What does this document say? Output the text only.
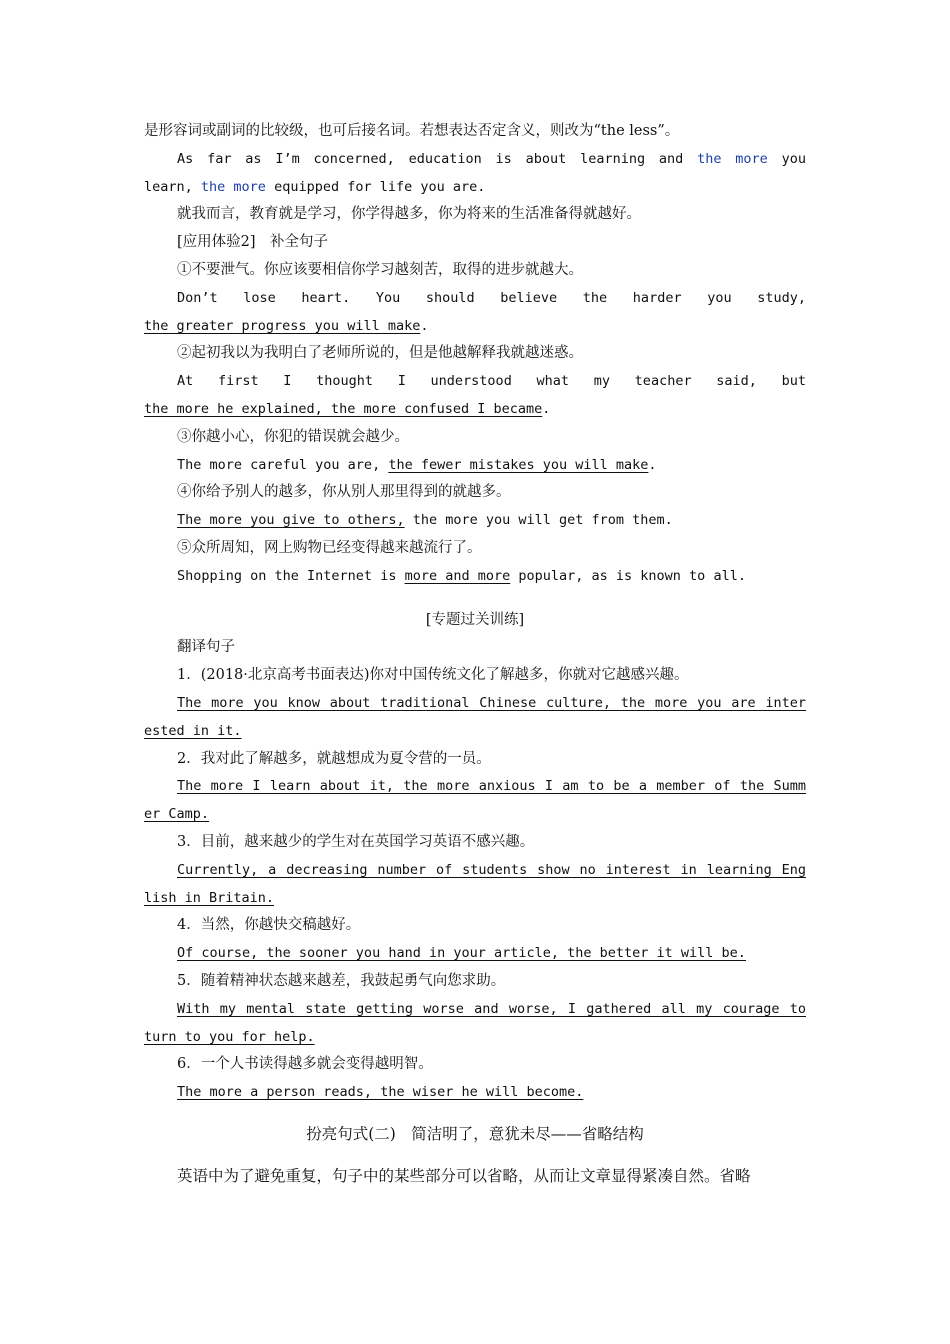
是形容词或副词的比较级，也可后接名词。若想表达否定含义，则改为“the less”。

As far as I’m concerned, education is about learning and the more you

learn, the more equipped for life you are.

就我而言，教育就是学习，你学得越多，你为将来的生活准备得就越好。

[应用体验2]　补全句子

①不要泄气。你应该要相信你学习越刻苦，取得的进步就越大。

Don’t lose heart. You should believe the harder you study,

the greater progress you will make.

②起初我以为我明白了老师所说的，但是他越解释我就越迷惑。

At first I thought I understood what my teacher said, but

the more he explained, the more confused I became.

③你越小心，你犯的错误就会越少。

The more careful you are, the fewer mistakes you will make.

④你给予别人的越多，你从别人那里得到的就越多。

The more you give to others, the more you will get from them.

⑤众所周知，网上购物已经变得越来越流行了。

Shopping on the Internet is more and more popular, as is known to all.

[专题过关训练]

翻译句子

1．(2018·北京高考书面表达)你对中国传统文化了解越多，你就对它越感兴趣。

The more you know about traditional Chinese culture, the more you are inter

ested in it.

2．我对此了解越多，就越想成为夏令营的一员。

The more I learn about it, the more anxious I am to be a member of the Summ

er Camp.

3．目前，越来越少的学生对在英国学习英语不感兴趣。

Currently, a decreasing number of students show no interest in learning Eng

lish in Britain.

4．当然，你越快交稿越好。

Of course, the sooner you hand in your article, the better it will be.

5．随着精神状态越来越差，我鼓起勇气向您求助。

With my mental state getting worse and worse, I gathered all my courage to

turn to you for help.

6．一个人书读得越多就会变得越明智。

The more a person reads, the wiser he will become.

扮亮句式(二)　简洁明了，意犹未尽——省略结构

英语中为了避免重复，句子中的某些部分可以省略，从而让文章显得紧凑自然。省略
